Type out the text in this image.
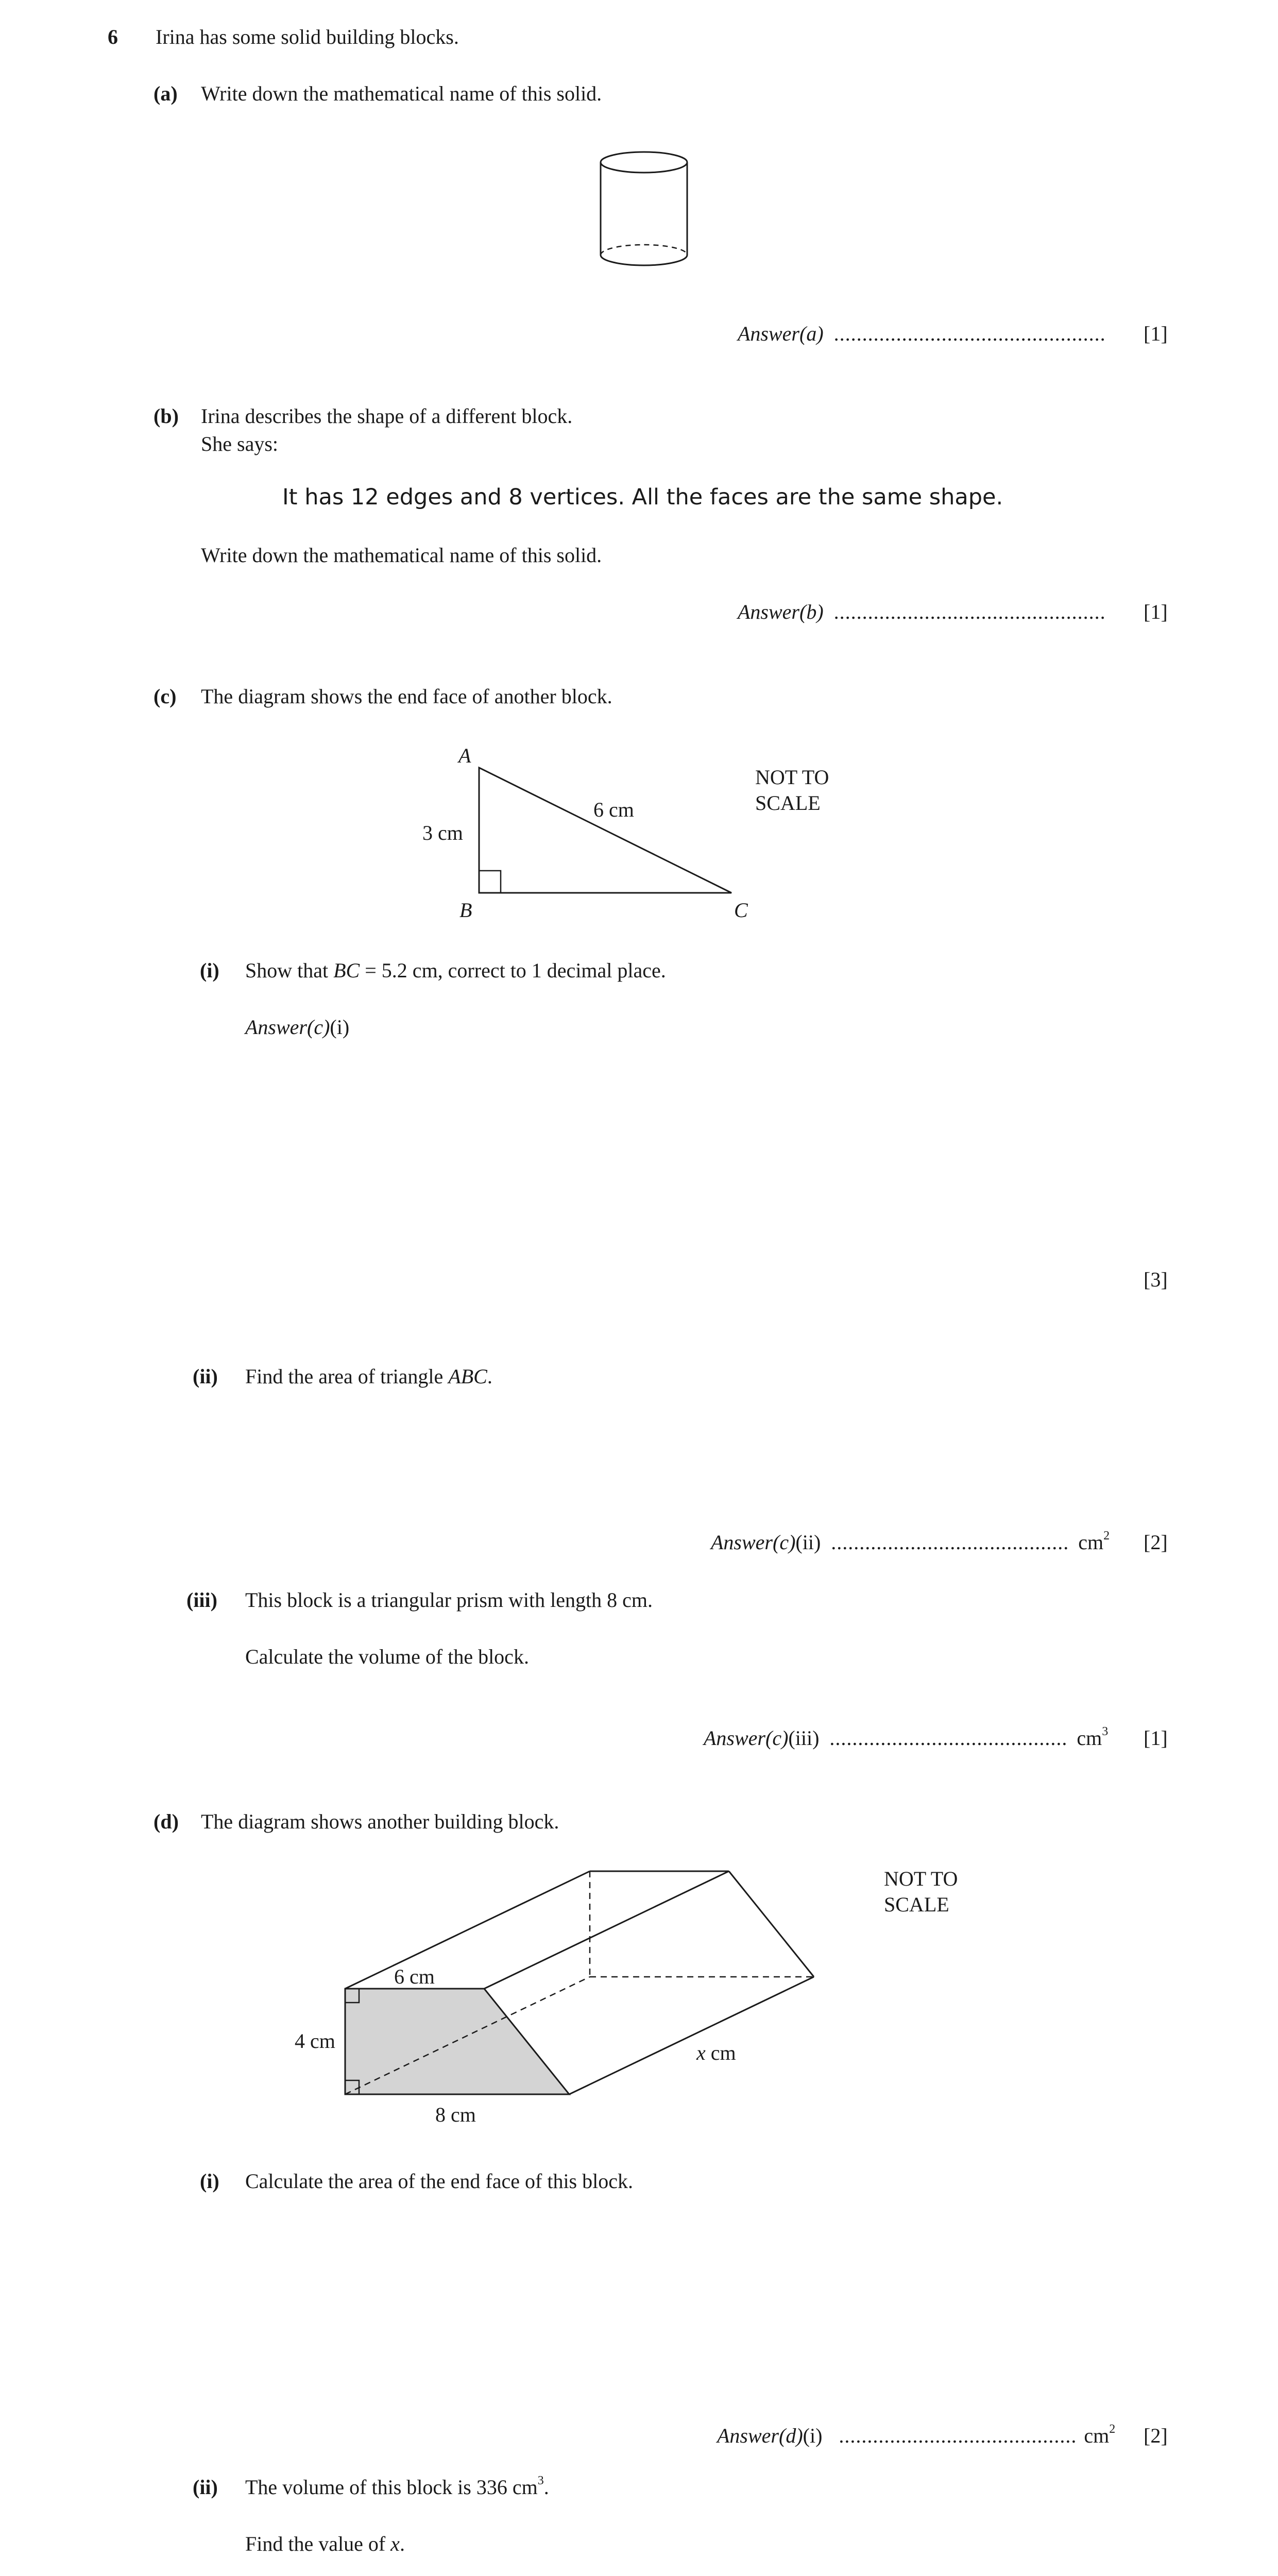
6 Irina has some solid building blocks.
(a) Write down the mathematical name of this solid.
Answer(a) ................................................ [1]
(b) Irina describes the shape of a different block.
She says:
It has 12 edges and 8 vertices. All the faces are the same shape.
Write down the mathematical name of this solid.
Answer(b) ................................................ [1]
(c) The diagram shows the end face of another block.
A
B	C
3 cm
6 cm
NOT TO
SCALE
(i) Show that BC = 5.2 cm, correct to 1 decimal place.
Answer(c)(i)
[3]
(ii) Find the area of triangle ABC.
Answer(c)(ii) .......................................... $cm^2$ [2]
(iii) This block is a triangular prism with length 8 cm.
Calculate the volume of the block.
Answer(c)(iii) .......................................... $cm^3$ [1]
(d) The diagram shows another building block.
6 cm
4 cm
8 cm
x cm
NOT TO
SCALE
(i) Calculate the area of the end face of this block.
Answer(d)(i) .......................................... $cm^2$ [2]
(ii) The volume of this block is 336 $cm^3$.
Find the value of x.
